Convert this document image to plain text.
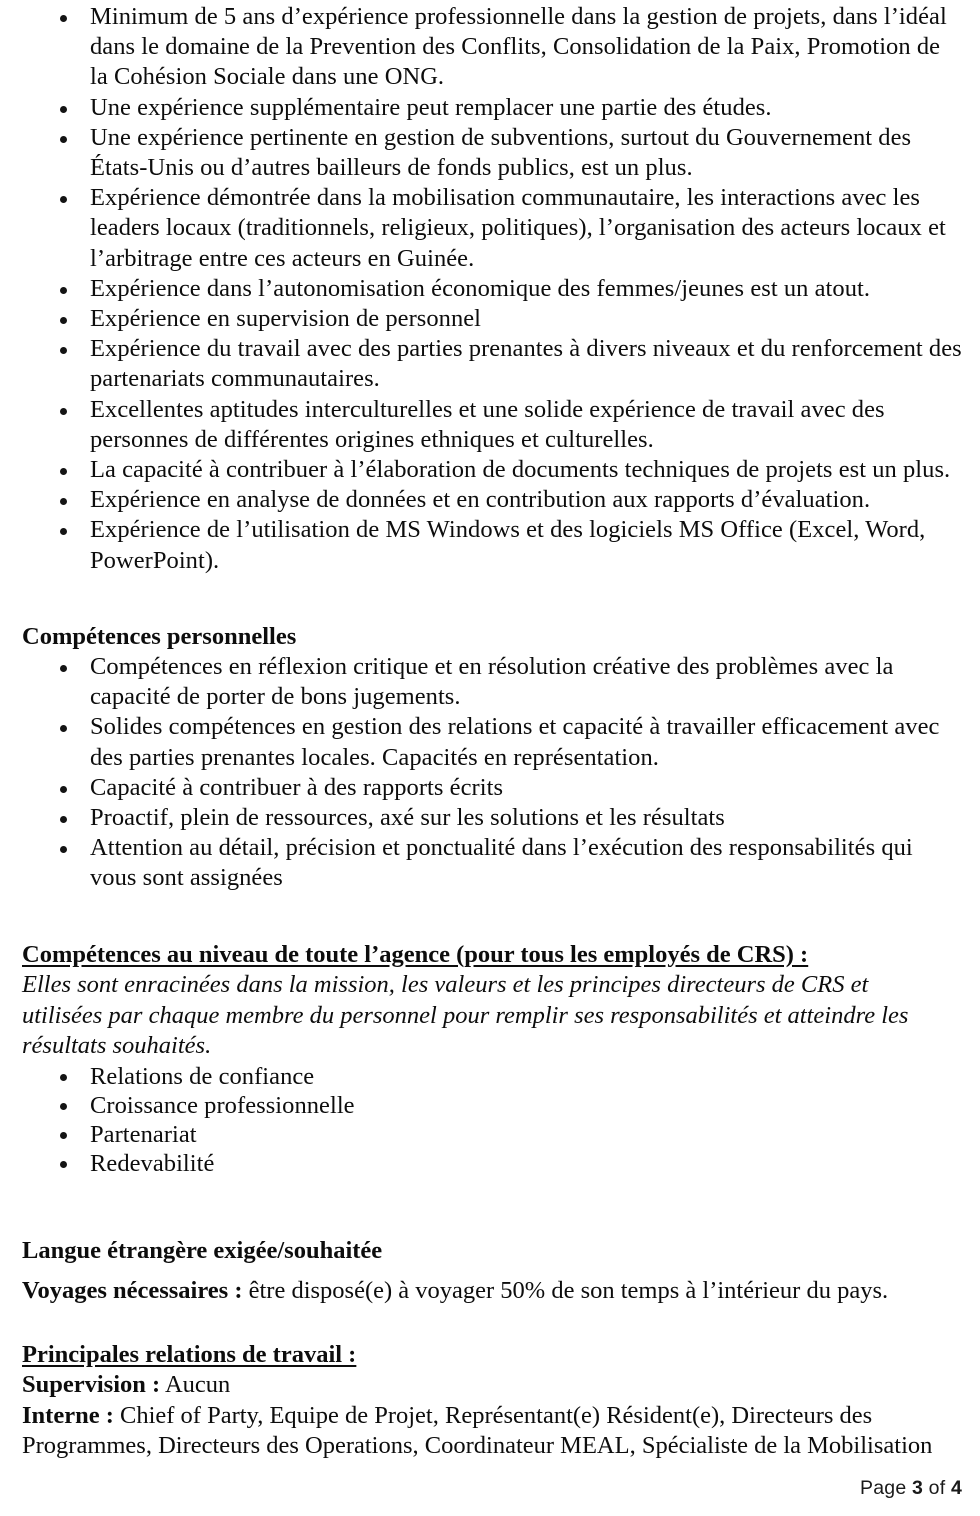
Minimum de 5 ans d’expérience professionnelle dans la gestion de projets, dans l’idéal dans le domaine de la Prevention des Conflits, Consolidation de la Paix, Promotion de la Cohésion Sociale dans une ONG.
Une expérience supplémentaire peut remplacer une partie des études.
Une expérience pertinente en gestion de subventions, surtout du Gouvernement des États-Unis ou d’autres bailleurs de fonds publics, est un plus.
Expérience démontrée dans la mobilisation communautaire, les interactions avec les leaders locaux (traditionnels, religieux, politiques), l’organisation des acteurs locaux et l’arbitrage entre ces acteurs en Guinée.
Expérience dans l’autonomisation économique des femmes/jeunes est un atout.
Expérience en supervision de personnel
Expérience du travail avec des parties prenantes à divers niveaux et du renforcement des partenariats communautaires.
Excellentes aptitudes interculturelles et une solide expérience de travail avec des personnes de différentes origines ethniques et culturelles.
La capacité à contribuer à l’élaboration de documents techniques de projets est un plus.
Expérience en analyse de données et en contribution aux rapports d’évaluation.
Expérience de l’utilisation de MS Windows et des logiciels MS Office (Excel, Word, PowerPoint).

Compétences personnelles

Compétences en réflexion critique et en résolution créative des problèmes avec la capacité de porter de bons jugements.
Solides compétences en gestion des relations et capacité à travailler efficacement avec des parties prenantes locales. Capacités en représentation.
Capacité à contribuer à des rapports écrits
Proactif, plein de ressources, axé sur les solutions et les résultats
Attention au détail, précision et ponctualité dans l’exécution des responsabilités qui vous sont assignées

Compétences au niveau de toute l’agence (pour tous les employés de CRS) :

Elles sont enracinées dans la mission, les valeurs et les principes directeurs de CRS et utilisées par chaque membre du personnel pour remplir ses responsabilités et atteindre les résultats souhaités.

Relations de confiance
Croissance professionnelle
Partenariat
Redevabilité

Langue étrangère exigée/souhaitée

Voyages nécessaires : être disposé(e) à voyager 50% de son temps à l’intérieur du pays.

Principales relations de travail :

Supervision : Aucun

Interne : Chief of Party, Equipe de Projet, Représentant(e) Résident(e), Directeurs des Programmes, Directeurs des Operations, Coordinateur MEAL, Spécialiste de la Mobilisation

Page 3 of 4
